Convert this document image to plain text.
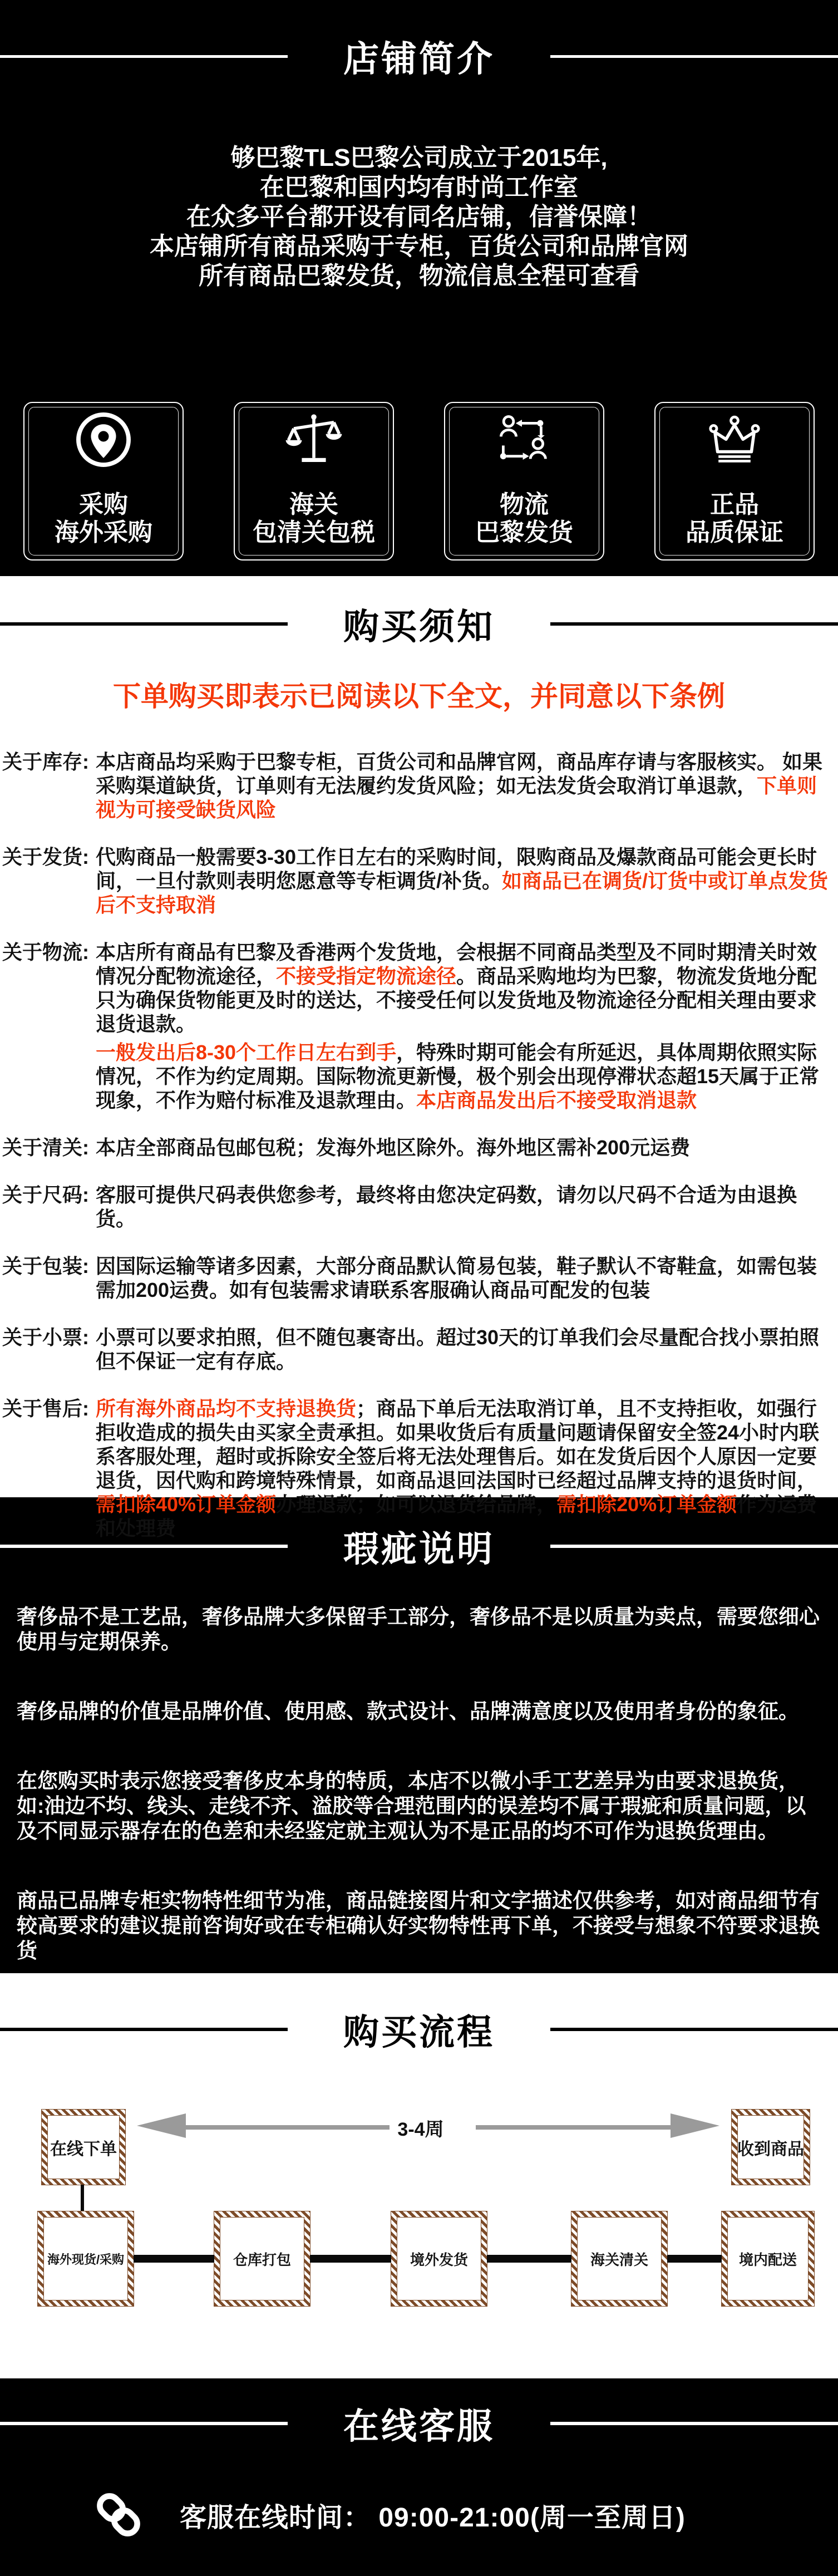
店铺简介
够巴黎TLS巴黎公司成立于2015年,
在巴黎和国内均有时尚工作室
在众多平台都开设有同名店铺，信誉保障！
本店铺所有商品采购于专柜，百货公司和品牌官网
所有商品巴黎发货，物流信息全程可查看
采购
海外采购
海关
包清关包税
物流
巴黎发货
正品
品质保证
购买须知
下单购买即表示已阅读以下全文，并同意以下条例
关于库存: 本店商品均采购于巴黎专柜，百货公司和品牌官网，商品库存请与客服核实。 如果采购渠道缺货，订单则有无法履约发货风险；如无法发货会取消订单退款，下单则视为可接受缺货风险
关于发货: 代购商品一般需要3-30工作日左右的采购时间，限购商品及爆款商品可能会更长时间，一旦付款则表明您愿意等专柜调货/补货。如商品已在调货/订货中或订单点发货后不支持取消
关于物流: 本店所有商品有巴黎及香港两个发货地，会根据不同商品类型及不同时期清关时效情况分配物流途径，不接受指定物流途径。商品采购地均为巴黎，物流发货地分配只为确保货物能更及时的送达，不接受任何以发货地及物流途径分配相关理由要求退货退款。
一般发出后8-30个工作日左右到手，特殊时期可能会有所延迟，具体周期依照实际情况，不作为约定周期。国际物流更新慢，极个别会出现停滞状态超15天属于正常现象，不作为赔付标准及退款理由。本店商品发出后不接受取消退款
关于清关: 本店全部商品包邮包税；发海外地区除外。海外地区需补200元运费
关于尺码: 客服可提供尺码表供您参考，最终将由您决定码数，请勿以尺码不合适为由退换货。
关于包装: 因国际运输等诸多因素，大部分商品默认简易包装，鞋子默认不寄鞋盒，如需包装需加200运费。如有包装需求请联系客服确认商品可配发的包装
关于小票: 小票可以要求拍照，但不随包裹寄出。超过30天的订单我们会尽量配合找小票拍照但不保证一定有存底。
关于售后: 所有海外商品均不支持退换货；商品下单后无法取消订单，且不支持拒收，如强行拒收造成的损失由买家全责承担。如果收货后有质量问题请保留安全签24小时内联系客服处理，超时或拆除安全签后将无法处理售后。如在发货后因个人原因一定要退货，因代购和跨境特殊情景，如商品退回法国时已经超过品牌支持的退货时间，需扣除40%订单金额办理退款；如可以退货给品牌，需扣除20%订单金额作为运费和处理费
瑕疵说明

奢侈品不是工艺品，奢侈品牌大多保留手工部分，奢侈品不是以质量为卖点，需要您细心使用与定期保养。

奢侈品牌的价值是品牌价值、使用感、款式设计、品牌满意度以及使用者身份的象征。

在您购买时表示您接受奢侈皮本身的特质，本店不以微小手工艺差异为由要求退换货，如:油边不均、线头、走线不齐、溢胶等合理范围内的误差均不属于瑕疵和质量问题，以及不同显示器存在的色差和未经鉴定就主观认为不是正品的均不可作为退换货理由。

商品已品牌专柜实物特性细节为准，商品链接图片和文字描述仅供参考，如对商品细节有较高要求的建议提前咨询好或在专柜确认好实物特性再下单，不接受与想象不符要求退换货

购买流程
在线下单
3-4周
收到商品
海外现货/采购	仓库打包	境外发货	海关清关	境内配送
在线客服
客服在线时间： 09:00-21:00(周一至周日)
